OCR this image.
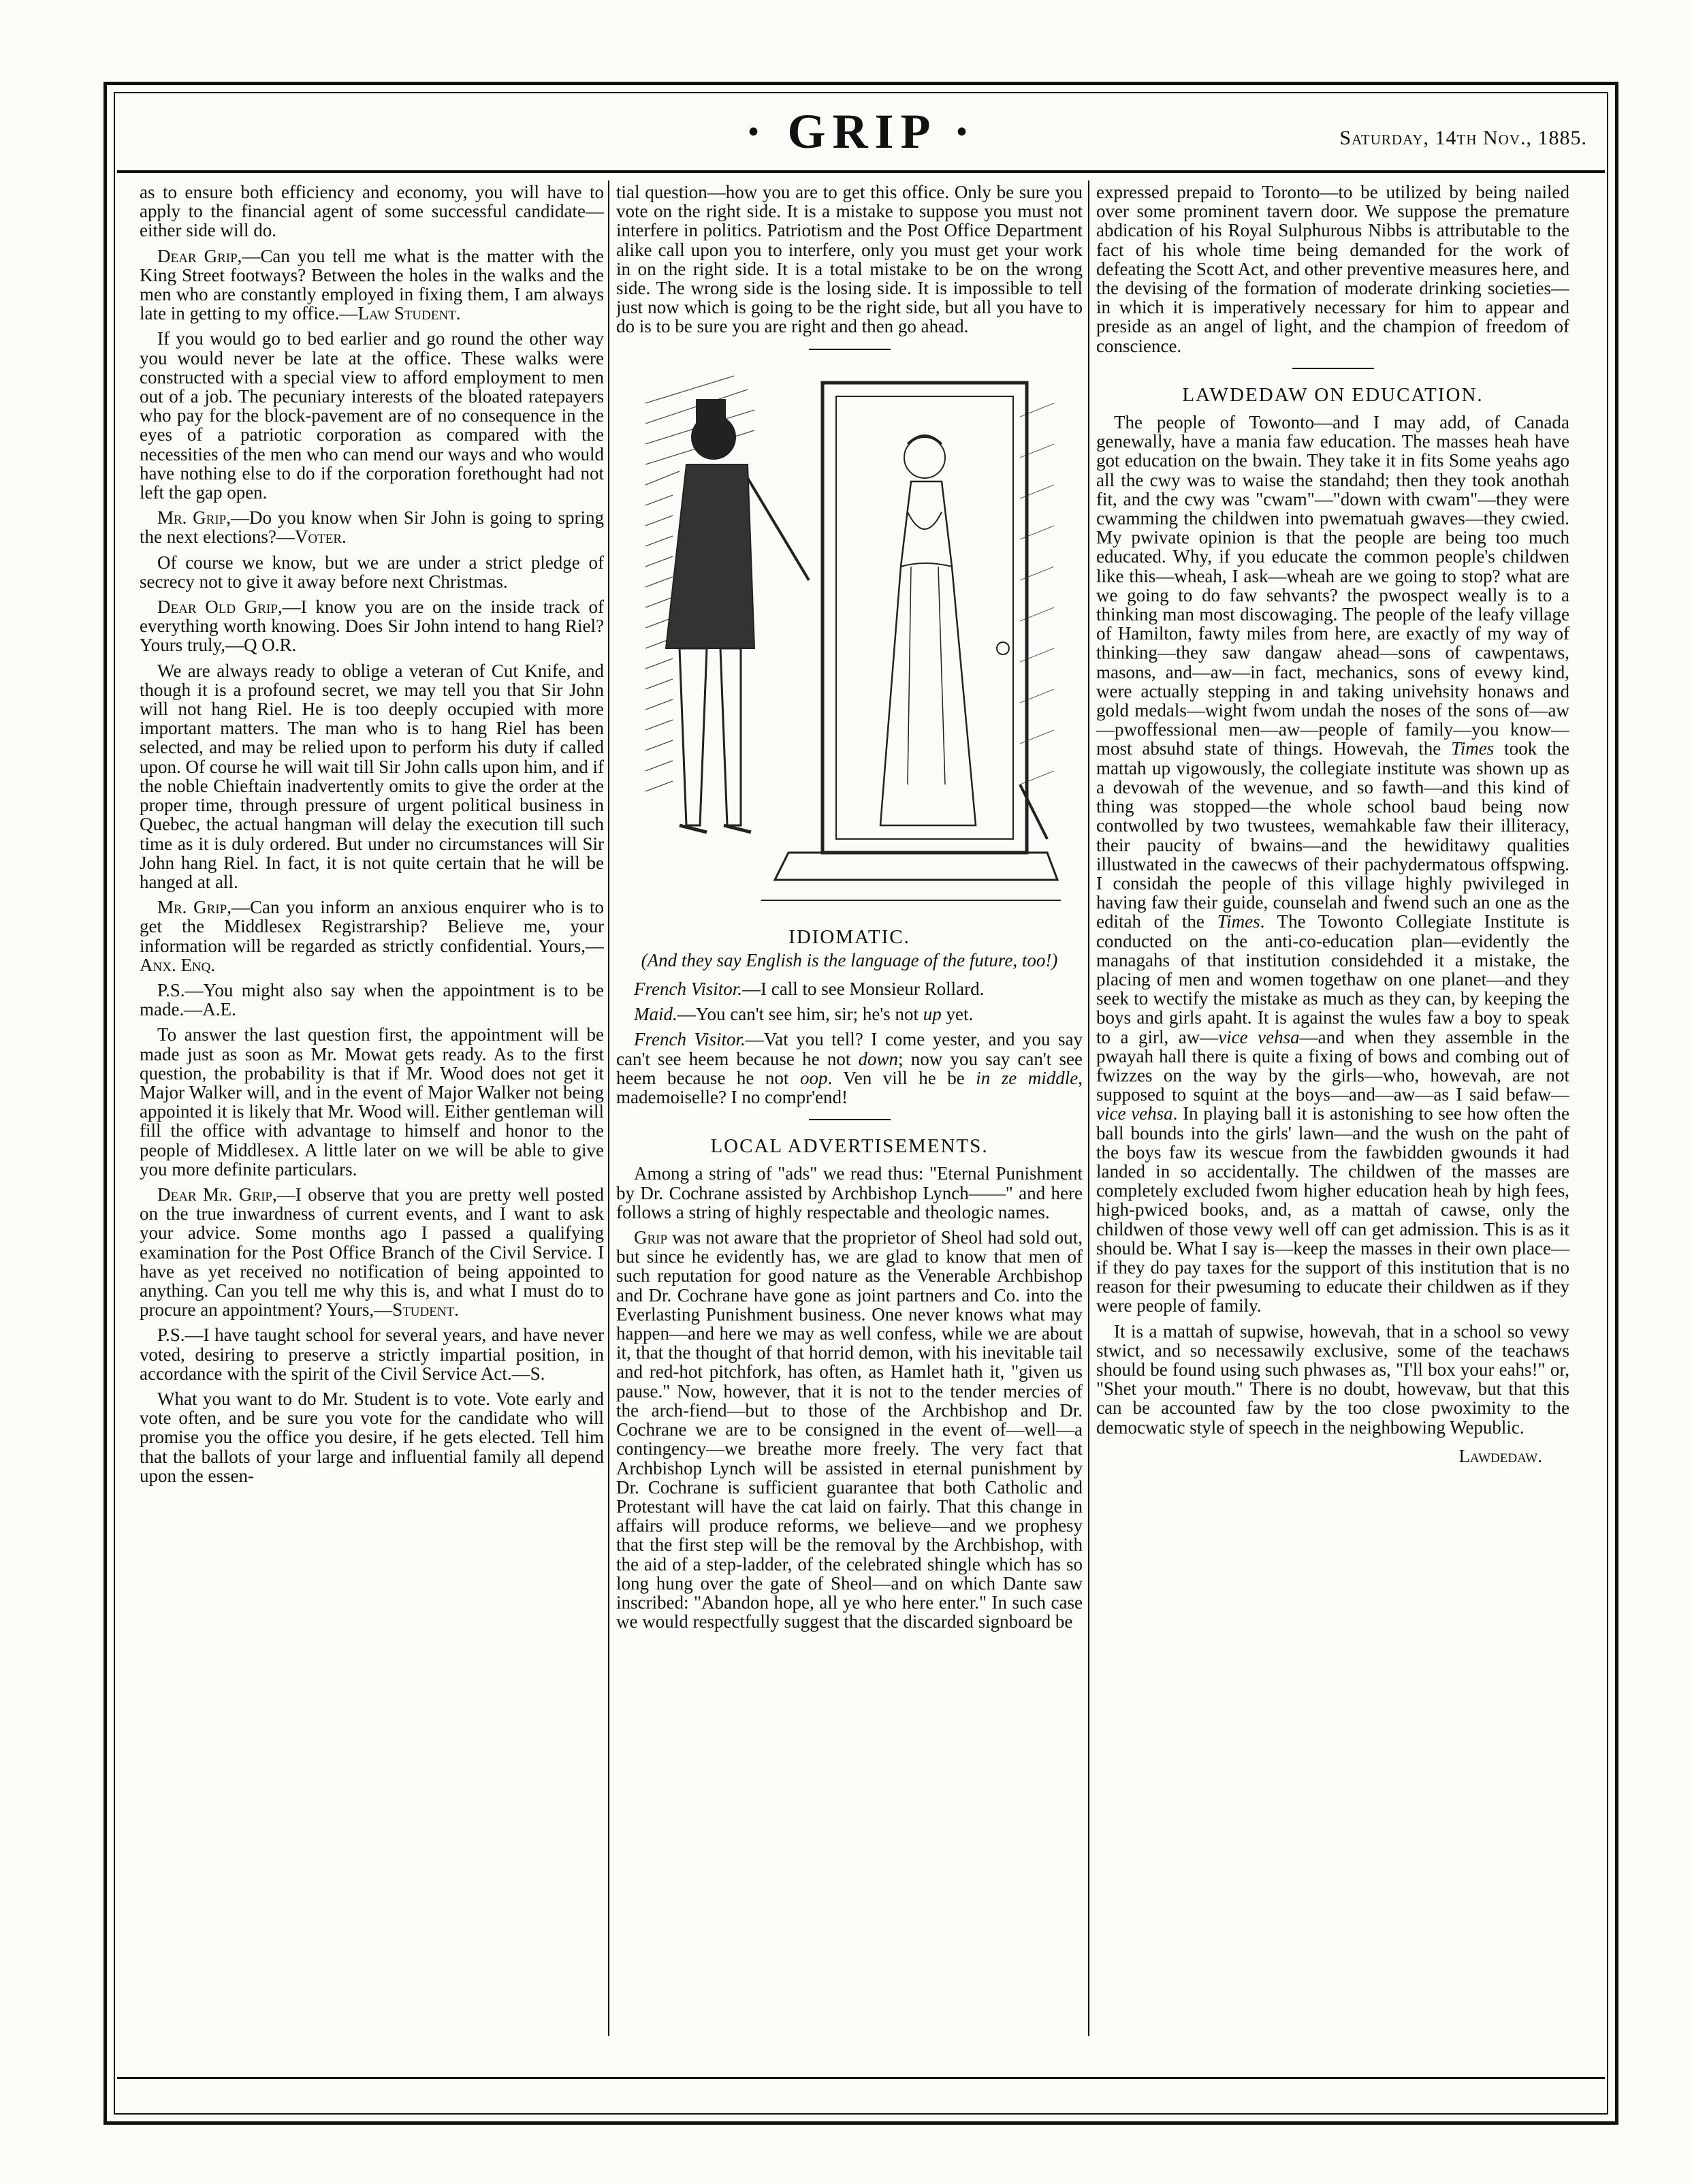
· GRIP ·	Saturday, 14th Nov., 1885.

as to ensure both efficiency and economy, you will have to apply to the financial agent of some successful candidate—either side will do.

Dear Grip,—Can you tell me what is the matter with the King Street footways? Between the holes in the walks and the men who are constantly employed in fixing them, I am always late in getting to my office.—Law Student.

If you would go to bed earlier and go round the other way you would never be late at the office. These walks were constructed with a special view to afford employment to men out of a job. The pecuniary interests of the bloated ratepayers who pay for the block-pavement are of no consequence in the eyes of a patriotic corporation as compared with the necessities of the men who can mend our ways and who would have nothing else to do if the corporation forethought had not left the gap open.

Mr. Grip,—Do you know when Sir John is going to spring the next elections?—Voter.

Of course we know, but we are under a strict pledge of secrecy not to give it away before next Christmas.

Dear Old Grip,—I know you are on the inside track of everything worth knowing. Does Sir John intend to hang Riel? Yours truly,—Q O.R.

We are always ready to oblige a veteran of Cut Knife, and though it is a profound secret, we may tell you that Sir John will not hang Riel. He is too deeply occupied with more important matters. The man who is to hang Riel has been selected, and may be relied upon to perform his duty if called upon. Of course he will wait till Sir John calls upon him, and if the noble Chieftain inadvertently omits to give the order at the proper time, through pressure of urgent political business in Quebec, the actual hangman will delay the execution till such time as it is duly ordered. But under no circumstances will Sir John hang Riel. In fact, it is not quite certain that he will be hanged at all.

Mr. Grip,—Can you inform an anxious enquirer who is to get the Middlesex Registrarship? Believe me, your information will be regarded as strictly confidential. Yours,—Anx. Enq.

P.S.—You might also say when the appointment is to be made.—A.E.

To answer the last question first, the appointment will be made just as soon as Mr. Mowat gets ready. As to the first question, the probability is that if Mr. Wood does not get it Major Walker will, and in the event of Major Walker not being appointed it is likely that Mr. Wood will. Either gentleman will fill the office with advantage to himself and honor to the people of Middlesex. A little later on we will be able to give you more definite particulars.

Dear Mr. Grip,—I observe that you are pretty well posted on the true inwardness of current events, and I want to ask your advice. Some months ago I passed a qualifying examination for the Post Office Branch of the Civil Service. I have as yet received no notification of being appointed to anything. Can you tell me why this is, and what I must do to procure an appointment? Yours,—Student.

P.S.—I have taught school for several years, and have never voted, desiring to preserve a strictly impartial position, in accordance with the spirit of the Civil Service Act.—S.

What you want to do Mr. Student is to vote. Vote early and vote often, and be sure you vote for the candidate who will promise you the office you desire, if he gets elected. Tell him that the ballots of your large and influential family all depend upon the essen-

tial question—how you are to get this office. Only be sure you vote on the right side. It is a mistake to suppose you must not interfere in politics. Patriotism and the Post Office Department alike call upon you to interfere, only you must get your work in on the right side. It is a total mistake to be on the wrong side. The wrong side is the losing side. It is impossible to tell just now which is going to be the right side, but all you have to do is to be sure you are right and then go ahead.

IDIOMATIC.
(And they say English is the language of the future, too!)

French Visitor.—I call to see Monsieur Rollard.

Maid.—You can't see him, sir; he's not up yet.

French Visitor.—Vat you tell? I come yester, and you say can't see heem because he not down; now you say can't see heem because he not oop. Ven vill he be in ze middle, mademoiselle? I no compr'end!

LOCAL ADVERTISEMENTS.

Among a string of "ads" we read thus: "Eternal Punishment by Dr. Cochrane assisted by Archbishop Lynch——" and here follows a string of highly respectable and theologic names.

Grip was not aware that the proprietor of Sheol had sold out, but since he evidently has, we are glad to know that men of such reputation for good nature as the Venerable Archbishop and Dr. Cochrane have gone as joint partners and Co. into the Everlasting Punishment business. One never knows what may happen—and here we may as well confess, while we are about it, that the thought of that horrid demon, with his inevitable tail and red-hot pitchfork, has often, as Hamlet hath it, "given us pause." Now, however, that it is not to the tender mercies of the arch-fiend—but to those of the Archbishop and Dr. Cochrane we are to be consigned in the event of—well—a contingency—we breathe more freely. The very fact that Archbishop Lynch will be assisted in eternal punishment by Dr. Cochrane is sufficient guarantee that both Catholic and Protestant will have the cat laid on fairly. That this change in affairs will produce reforms, we believe—and we prophesy that the first step will be the removal by the Archbishop, with the aid of a step-ladder, of the celebrated shingle which has so long hung over the gate of Sheol—and on which Dante saw inscribed: "Abandon hope, all ye who here enter." In such case we would respectfully suggest that the discarded signboard be

expressed prepaid to Toronto—to be utilized by being nailed over some prominent tavern door. We suppose the premature abdication of his Royal Sulphurous Nibbs is attributable to the fact of his whole time being demanded for the work of defeating the Scott Act, and other preventive measures here, and the devising of the formation of moderate drinking societies—in which it is imperatively necessary for him to appear and preside as an angel of light, and the champion of freedom of conscience.

LAWDEDAW ON EDUCATION.

The people of Towonto—and I may add, of Canada genewally, have a mania faw education. The masses heah have got education on the bwain. They take it in fits Some yeahs ago all the cwy was to waise the standahd; then they took anothah fit, and the cwy was "cwam"—"down with cwam"—they were cwamming the childwen into pwematuah gwaves—they cwied. My pwivate opinion is that the people are being too much educated. Why, if you educate the common people's childwen like this—wheah, I ask—wheah are we going to stop? what are we going to do faw sehvants? the pwospect weally is to a thinking man most discowaging. The people of the leafy village of Hamilton, fawty miles from here, are exactly of my way of thinking—they saw dangaw ahead—sons of cawpentaws, masons, and—aw—in fact, mechanics, sons of evewy kind, were actually stepping in and taking univehsity honaws and gold medals—wight fwom undah the noses of the sons of—aw—pwoffessional men—aw—people of family—you know—most absuhd state of things. Howevah, the Times took the mattah up vigowously, the collegiate institute was shown up as a devowah of the wevenue, and so fawth—and this kind of thing was stopped—the whole school baud being now contwolled by two twustees, wemahkable faw their illiteracy, their paucity of bwains—and the hewiditawy qualities illustwated in the cawecws of their pachydermatous offspwing. I considah the people of this village highly pwivileged in having faw their guide, counselah and fwend such an one as the editah of the Times. The Towonto Collegiate Institute is conducted on the anti-co-education plan—evidently the managahs of that institution considehded it a mistake, the placing of men and women togethaw on one planet—and they seek to wectify the mistake as much as they can, by keeping the boys and girls apaht. It is against the wules faw a boy to speak to a girl, aw—vice vehsa—and when they assemble in the pwayah hall there is quite a fixing of bows and combing out of fwizzes on the way by the girls—who, howevah, are not supposed to squint at the boys—and—aw—as I said befaw—vice vehsa. In playing ball it is astonishing to see how often the ball bounds into the girls' lawn—and the wush on the paht of the boys faw its wescue from the fawbidden gwounds it had landed in so accidentally. The childwen of the masses are completely excluded fwom higher education heah by high fees, high-pwiced books, and, as a mattah of cawse, only the childwen of those vewy well off can get admission. This is as it should be. What I say is—keep the masses in their own place—if they do pay taxes for the support of this institution that is no reason for their pwesuming to educate their childwen as if they were people of family.

It is a mattah of supwise, howevah, that in a school so vewy stwict, and so necessawily exclusive, some of the teachaws should be found using such phwases as, "I'll box your eahs!" or, "Shet your mouth." There is no doubt, howevaw, but that this can be accounted faw by the too close pwoximity to the democwatic style of speech in the neighbowing Wepublic.

Lawdedaw.
